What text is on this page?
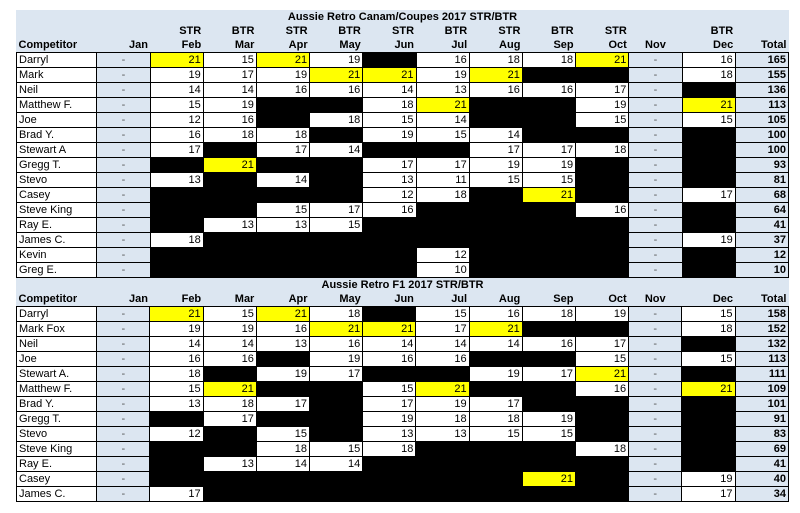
Aussie Retro Canam/Coupes 2017 STR/BTR													
		STR	BTR	STR	BTR	STR	BTR	STR	BTR	STR		BTR	
Competitor	Jan	Feb	Mar	Apr	May	Jun	Jul	Aug	Sep	Oct	Nov	Dec	Total
Darryl	-	21	15	21	19		16	18	18	21	-	16	165
Mark	-	19	17	19	21	21	19	21			-	18	155
Neil	-	14	14	16	16	14	13	16	16	17	-		136
Matthew F.	-	15	19			18	21			19	-	21	113
Joe	-	12	16		18	15	14			15	-	15	105
Brad Y.	-	16	18	18		19	15	14			-		100
Stewart A	-	17		17	14			17	17	18	-		100
Gregg T.	-		21			17	17	19	19		-		93
Stevo	-	13		14		13	11	15	15		-		81
Casey	-					12	18		21		-	17	68
Steve King	-			15	17	16				16	-		64
Ray E.	-		13	13	15						-		41
James C.	-	18									-	19	37
Kevin	-						12				-		12
Greg E.	-						10				-		10
Aussie Retro F1 2017 STR/BTR													
Competitor	Jan	Feb	Mar	Apr	May	Jun	Jul	Aug	Sep	Oct	Nov	Dec	Total
Darryl	-	21	15	21	18		15	16	18	19	-	15	158
Mark Fox	-	19	19	16	21	21	17	21			-	18	152
Neil	-	14	14	13	16	14	14	14	16	17	-		132
Joe	-	16	16		19	16	16			15	-	15	113
Stewart A.	-	18		19	17			19	17	21	-		111
Matthew F.	-	15	21			15	21			16	-	21	109
Brad Y.	-	13	18	17		17	19	17			-		101
Gregg T.	-		17			19	18	18	19		-		91
Stevo	-	12		15		13	13	15	15		-		83
Steve King	-			18	15	18				18	-		69
Ray E.	-		13	14	14						-		41
Casey	-								21		-	19	40
James C.	-	17									-	17	34
